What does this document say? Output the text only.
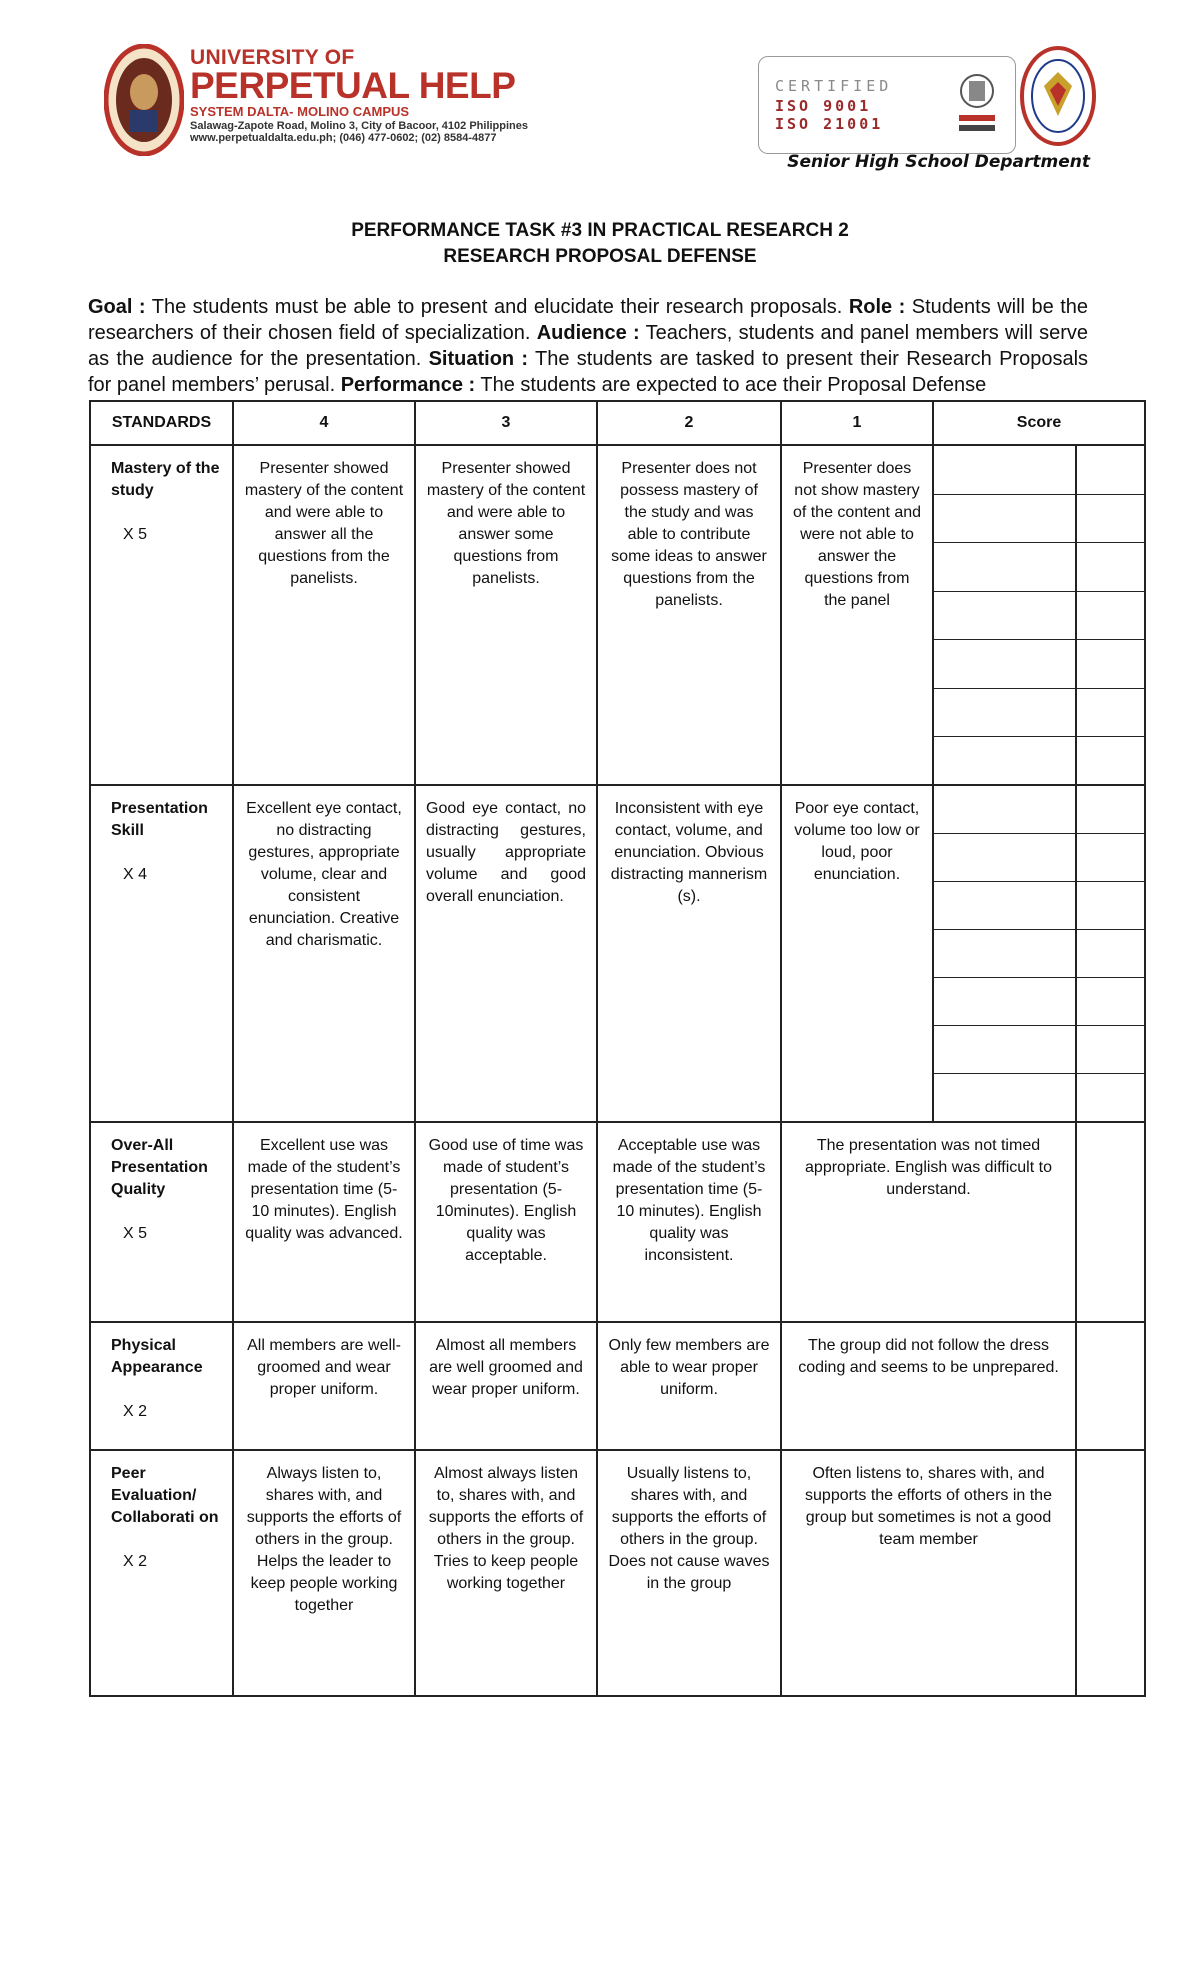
UNIVERSITY OF
PERPETUAL HELP
SYSTEM DALTA- MOLINO CAMPUS
Salawag-Zapote Road, Molino 3, City of Bacoor, 4102 Philippines
www.perpetualdalta.edu.ph; (046) 477-0602; (02) 8584-4877
CERTIFIED
ISO 9001
ISO 21001
Senior High School Department
PERFORMANCE TASK #3 IN PRACTICAL RESEARCH 2
RESEARCH PROPOSAL DEFENSE
Goal : The students must be able to present and elucidate their research proposals. Role : Students will be the researchers of their chosen field of specialization. Audience : Teachers, students and panel members will serve as the audience for the presentation. Situation : The students are tasked to present their Research Proposals for panel members’ perusal. Performance : The students are expected to ace their Proposal Defense
STANDARDS	4	3	2	1	Score	
Mastery of the study
X 5	Presenter showed mastery of the content and were able to answer all the questions from the panelists.	Presenter showed mastery of the content and were able to answer some questions from panelists.	Presenter does not possess mastery of the study and was able to contribute some ideas to answer questions from the panelists.	Presenter does not show mastery of the content and were not able to answer the questions from the panel	

Presentation Skill
X 4	Excellent eye contact, no distracting gestures, appropriate volume, clear and consistent enunciation. Creative and charismatic.	Good eye contact, no distracting gestures, usually appropriate volume and good overall enunciation.	Inconsistent with eye contact, volume, and enunciation. Obvious distracting mannerism (s).	Poor eye contact, volume too low or loud, poor enunciation.	

Over-All Presentation Quality
X 5	Excellent use was made of the student’s presentation time (5-10 minutes). English quality was advanced.	Good use of time was made of student’s presentation (5-10minutes). English quality was acceptable.	Acceptable use was made of the student’s presentation time (5-10 minutes). English quality was inconsistent.	The presentation was not timed appropriate. English was difficult to understand.		
Physical Appearance
X 2	All members are well-groomed and wear proper uniform.	Almost all members are well groomed and wear proper uniform.	Only few members are able to wear proper uniform.	The group did not follow the dress coding and seems to be unprepared.		
Peer Evaluation/ Collaborati on
X 2	Always listen to, shares with, and supports the efforts of others in the group. Helps the leader to keep people working together	Almost always listen to, shares with, and supports the efforts of others in the group. Tries to keep people working together	Usually listens to, shares with, and supports the efforts of others in the group. Does not cause waves in the group	Often listens to, shares with, and supports the efforts of others in the group but sometimes is not a good team member		
